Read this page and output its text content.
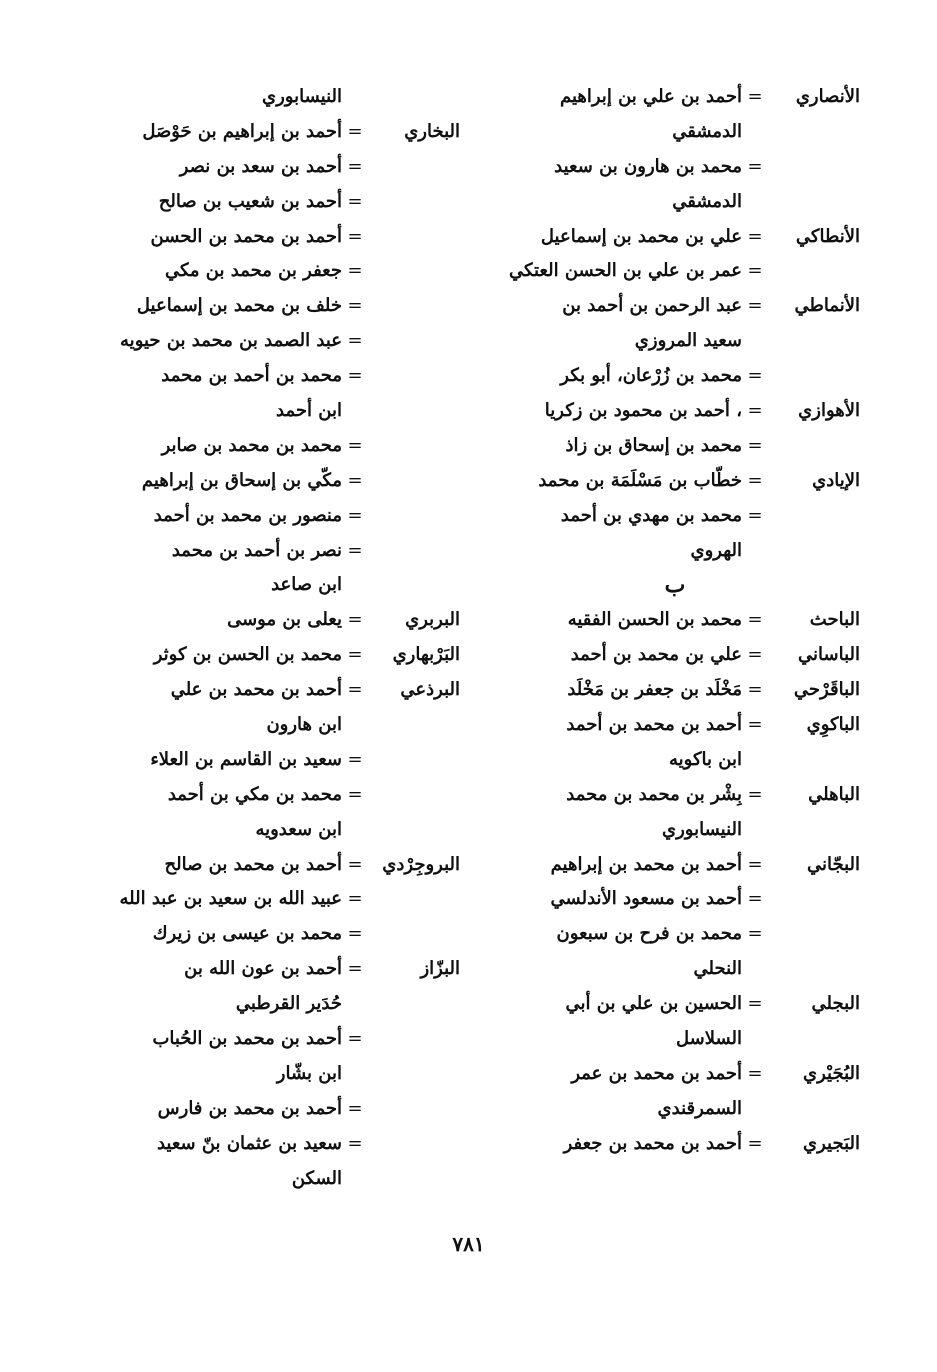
الأنصاري
=
أحمد بن علي بن إبراهيم
الدمشقي
=
محمد بن هارون بن سعيد
الدمشقي
الأنطاكي
=
علي بن محمد بن إسماعيل
=
عمر بن علي بن الحسن العتكي
الأنماطي
=
عبد الرحمن بن أحمد بن
سعيد المروزي
=
محمد بن زُرْعان، أبو بكر
الأهوازي
=
، أحمد بن محمود بن زكريا
=
محمد بن إسحاق بن زاذ
الإيادي
=
خطّاب بن مَسْلَمَة بن محمد
=
محمد بن مهدي بن أحمد
الهروي
ب
الباحث
=
محمد بن الحسن الفقيه
الباساني
=
علي بن محمد بن أحمد
الباقَرْحي
=
مَخْلَد بن جعفر بن مَخْلَد
الباكوِي
=
أحمد بن محمد بن أحمد
ابن باكويه
الباهلي
=
بِشْر بن محمد بن محمد
النيسابوري
البجّاني
=
أحمد بن محمد بن إبراهيم
=
أحمد بن مسعود الأندلسي
=
محمد بن فرح بن سبعون
النحلي
البجلي
=
الحسين بن علي بن أبي
السلاسل
البُجَيْري
=
أحمد بن محمد بن عمر
السمرقندي
البَجيري
=
أحمد بن محمد بن جعفر
النيسابوري
البخاري
=
أحمد بن إبراهيم بن حَوْصَل
=
أحمد بن سعد بن نصر
=
أحمد بن شعيب بن صالح
=
أحمد بن محمد بن الحسن
=
جعفر بن محمد بن مكي
=
خلف بن محمد بن إسماعيل
=
عبد الصمد بن محمد بن حيويه
=
محمد بن أحمد بن محمد
ابن أحمد
=
محمد بن محمد بن صابر
=
مكّي بن إسحاق بن إبراهيم
=
منصور بن محمد بن أحمد
=
نصر بن أحمد بن محمد
ابن صاعد
البربري
=
يعلى بن موسى
البَرْبهاري
=
محمد بن الحسن بن كوثر
البرذعي
=
أحمد بن محمد بن علي
ابن هارون
=
سعيد بن القاسم بن العلاء
=
محمد بن مكي بن أحمد
ابن سعدويه
البروجِرْدي
=
أحمد بن محمد بن صالح
=
عبيد الله بن سعيد بن عبد الله
=
محمد بن عيسى بن زيرك
البزّاز
=
أحمد بن عون الله بن
حُدَير القرطبي
=
أحمد بن محمد بن الحُباب
ابن بشّار
=
أحمد بن محمد بن فارس
=
سعيد بن عثمان بنّ سعيد
السكن
٧٨١
